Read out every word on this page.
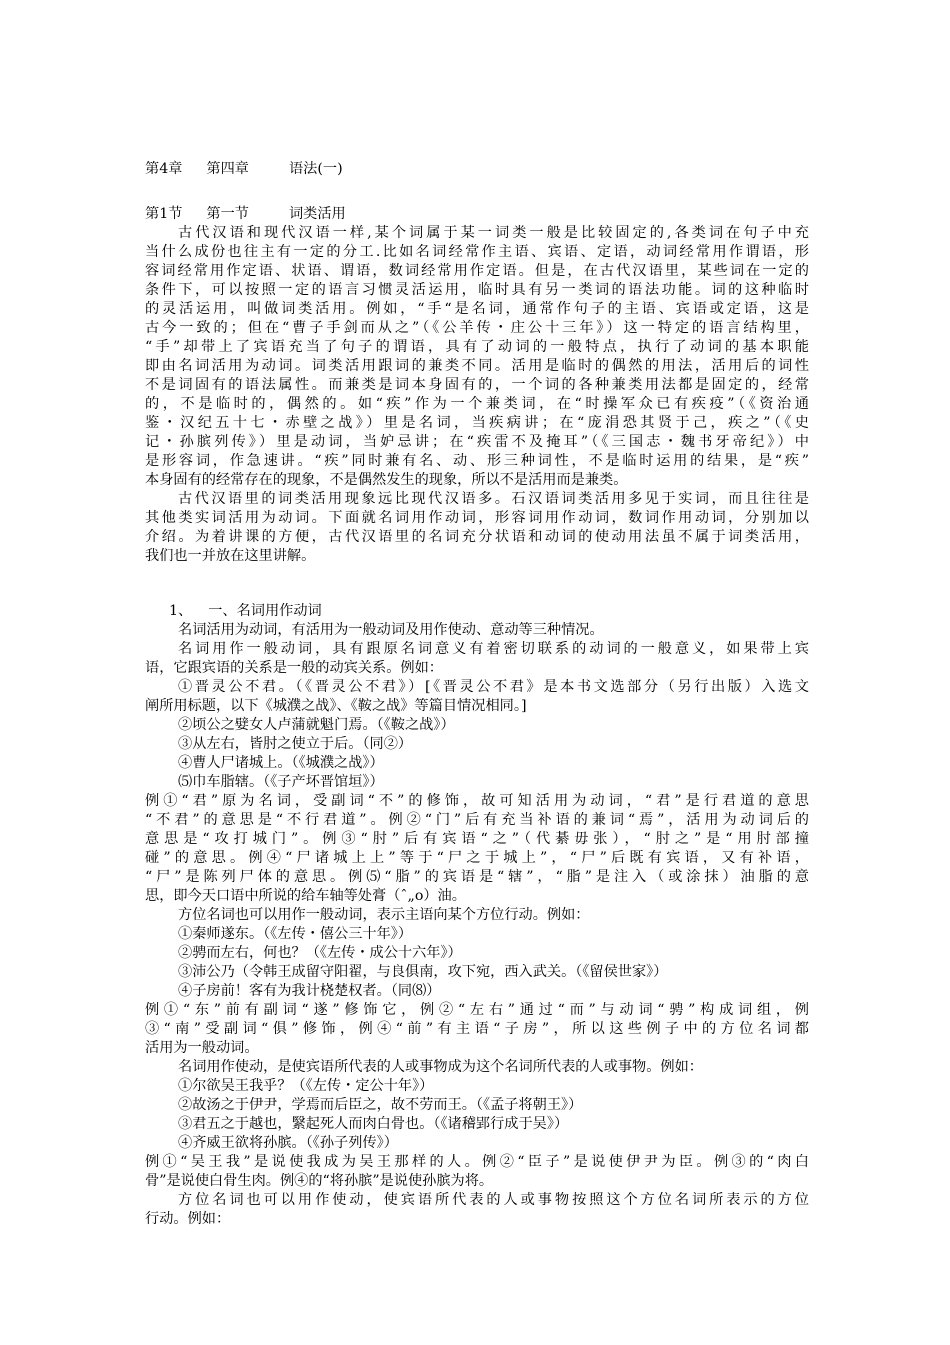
第4章 第四章	语法(一)
第1节 第一节	词类活用
古代汉语和现代汉语一样,某个词属于某一词类一般是比较固定的,各类词在句子中充
当什么成份也往主有一定的分工.比如名词经常作主语、宾语、定语，动词经常用作谓语，形
容词经常用作定语、状语、谓语，数词经常用作定语。但是，在古代汉语里，某些词在一定的
条件下，可以按照一定的语言习惯灵活运用，临时具有另一类词的语法功能。词的这种临时
的灵活运用，叫做词类活用。例如，“手“是名词，通常作句子的主语、宾语或定语，这是
古今一致的；但在“曹子手剑而从之”（《公羊传・庄公十三年》）这一特定的语言结构里，
“手”却带上了宾语充当了句子的谓语，具有了动词的一般特点，执行了动词的基本职能
即由名词活用为动词。词类活用跟词的兼类不同。活用是临时的偶然的用法，活用后的词性
不是词固有的语法属性。而兼类是词本身固有的，一个词的各种兼类用法都是固定的，经常
的，不是临时的，偶然的。如“疾”作为一个兼类词，在“时操军众已有疾疫”（《资治通
鉴・汉纪五十七・赤壁之战》）里是名词，当疾病讲；在“庞涓恐其贤于己，疾之”（《史
记・孙膑列传》）里是动词，当妒忌讲；在“疾雷不及掩耳”（《三国志・魏书牙帝纪》）中
是形容词，作急速讲。“疾”同时兼有名、动、形三种词性，不是临时运用的结果，是“疾”
本身固有的经常存在的现象，不是偶然发生的现象，所以不是活用而是兼类。
古代汉语里的词类活用现象远比现代汉语多。石汉语词类活用多见于实词，而且往往是
其他类实词活用为动词。下面就名词用作动词，形容词用作动词，数词作用动词，分别加以
介绍。为着讲课的方便，古代汉语里的名词充分状语和动词的使动用法虽不属于词类活用，
我们也一并放在这里讲解。
1、 一、名词用作动词
名词活用为动词，有活用为一般动词及用作使动、意动等三种情况。
名词用作一般动词，具有跟原名词意义有着密切联系的动词的一般意义，如果带上宾
语，它跟宾语的关系是一般的动宾关系。例如：
①晋灵公不君。（《晋灵公不君》）[《晋灵公不君》是本书文选部分（另行出版）入选文
阐所用标题，以下《城濮之战》、《鞍之战》等篇目情况相同。]
②顷公之嬖女人卢蒲就魁门焉。（《鞍之战》）
③从左右，皆肘之使立于后。（同②）
④曹人尸诸城上。（《城濮之战》）
⑸巾车脂辖。（《子产坏晋馆垣》）
例①“君”原为名词，受副词“不”的修饰，故可知活用为动词，“君”是行君道的意思
“不君”的意思是“不行君道”。例②“门”后有充当补语的兼词“焉”，活用为动词后的
意思是“攻打城门”。例③“肘”后有宾语“之”（代綦毋张），“肘之”是“用肘部撞
碰”的意思。例④“尸诸城上上”等于“尸之于城上”，“尸”后既有宾语，又有补语，
“尸”是陈列尸体的意思。例⑸“脂”的宾语是“辖”，“脂”是注入（或涂抹）油脂的意
思，即今天口语中所说的给车轴等处膏（ˆ„o）油。
方位名词也可以用作一般动词，表示主语向某个方位行动。例如：
①秦师遂东。（《左传・僖公三十年》）
②骋而左右，何也？（《左传・成公十六年》）
③沛公乃（令韩王成留守阳翟，与良俱南，攻下宛，西入武关。（《留侯世家》）
④子房前！客有为我计桡楚权者。（同⑻）
例①“东”前有副词“遂”修饰它，例②“左右”通过“而”与动词“骋”构成词组，例
③“南”受副词“俱”修饰，例④“前”有主语“子房”，所以这些例子中的方位名词都
活用为一般动词。
名词用作使动，是使宾语所代表的人或事物成为这个名词所代表的人或事物。例如：
①尔欲吴王我乎？（《左传・定公十年》）
②故汤之于伊尹，学焉而后臣之，故不劳而王。（《孟子将朝王》）
③君五之于越也，繄起死人而肉白骨也。（《诸稽郢行成于吴》）
④齐威王欲将孙膑。（《孙子列传》）
例①“吴王我”是说使我成为吴王那样的人。例②“臣子”是说使伊尹为臣。例③的“肉白
骨”是说使白骨生肉。例④的“将孙膑”是说使孙膑为将。
方位名词也可以用作使动，使宾语所代表的人或事物按照这个方位名词所表示的方位
行动。例如：
